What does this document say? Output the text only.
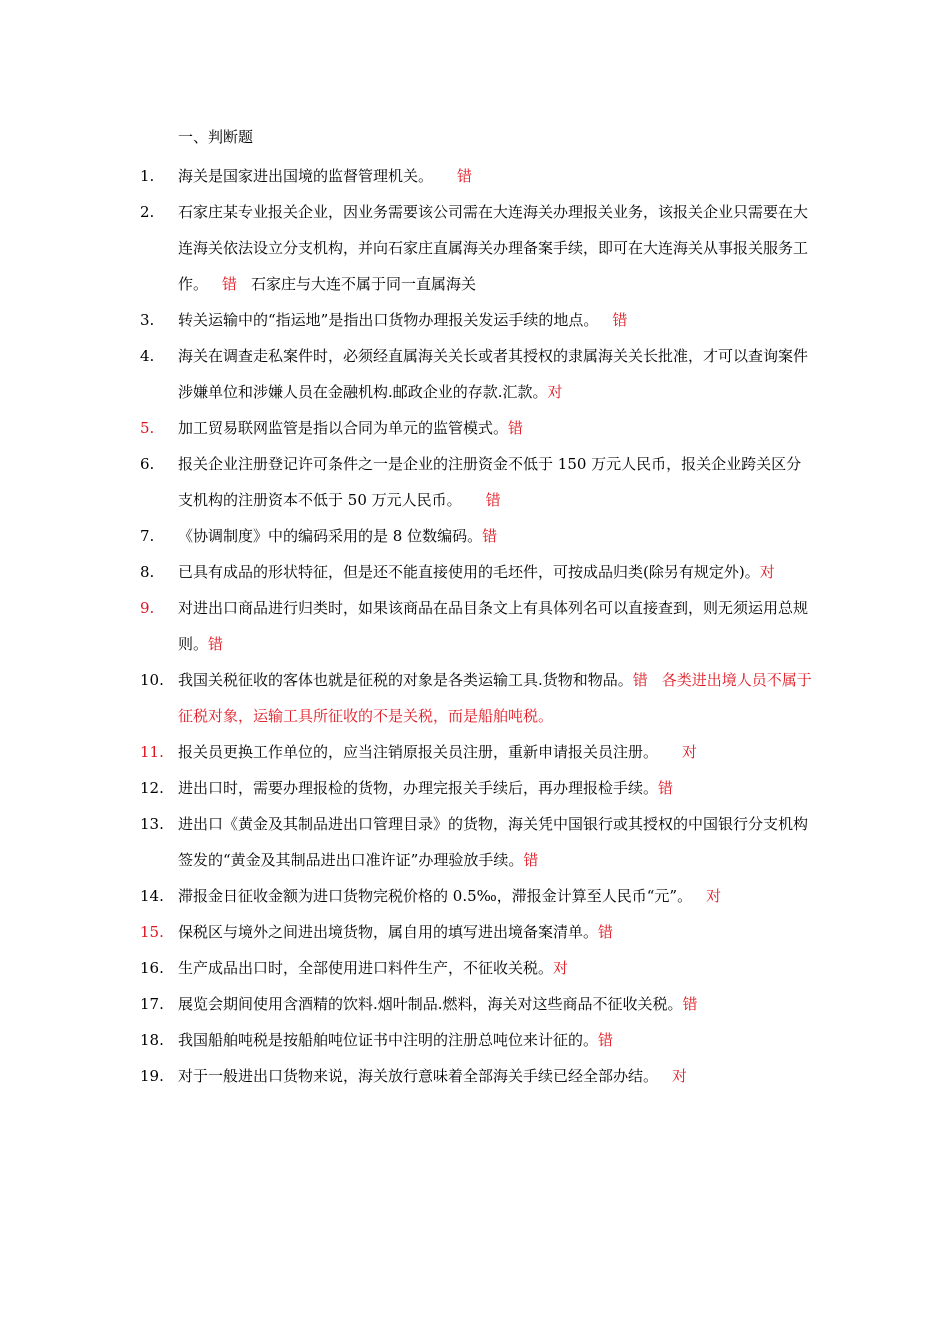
一、判断题
1.	海关是国家进出国境的监督管理机关。 错
2.	石家庄某专业报关企业，因业务需要该公司需在大连海关办理报关业务，该报关企业只需要在大连海关依法设立分支机构，并向石家庄直属海关办理备案手续，即可在大连海关从事报关服务工作。 错 石家庄与大连不属于同一直属海关
3.	转关运输中的“指运地”是指出口货物办理报关发运手续的地点。 错
4.	海关在调查走私案件时，必须经直属海关关长或者其授权的隶属海关关长批准，才可以查询案件涉嫌单位和涉嫌人员在金融机构.邮政企业的存款.汇款。对
5.	加工贸易联网监管是指以合同为单元的监管模式。错
6.	报关企业注册登记许可条件之一是企业的注册资金不低于 150 万元人民币，报关企业跨关区分支机构的注册资本不低于 50 万元人民币。 错
7.	《协调制度》中的编码采用的是 8 位数编码。错
8.	已具有成品的形状特征，但是还不能直接使用的毛坯件，可按成品归类(除另有规定外)。对
9.	对进出口商品进行归类时，如果该商品在品目条文上有具体列名可以直接查到，则无须运用总规则。错
10. 我国关税征收的客体也就是征税的对象是各类运输工具.货物和物品。错 各类进出境人员不属于征税对象，运输工具所征收的不是关税，而是船舶吨税。
11. 报关员更换工作单位的，应当注销原报关员注册，重新申请报关员注册。 对
12. 进出口时，需要办理报检的货物，办理完报关手续后，再办理报检手续。错
13. 进出口《黄金及其制品进出口管理目录》的货物，海关凭中国银行或其授权的中国银行分支机构签发的“黄金及其制品进出口准许证”办理验放手续。错
14. 滞报金日征收金额为进口货物完税价格的 0.5‰，滞报金计算至人民币“元”。 对
15. 保税区与境外之间进出境货物，属自用的填写进出境备案清单。错
16. 生产成品出口时，全部使用进口料件生产，不征收关税。对
17. 展览会期间使用含酒精的饮料.烟叶制品.燃料，海关对这些商品不征收关税。错
18. 我国船舶吨税是按船舶吨位证书中注明的注册总吨位来计征的。错
19. 对于一般进出口货物来说，海关放行意味着全部海关手续已经全部办结。 对
